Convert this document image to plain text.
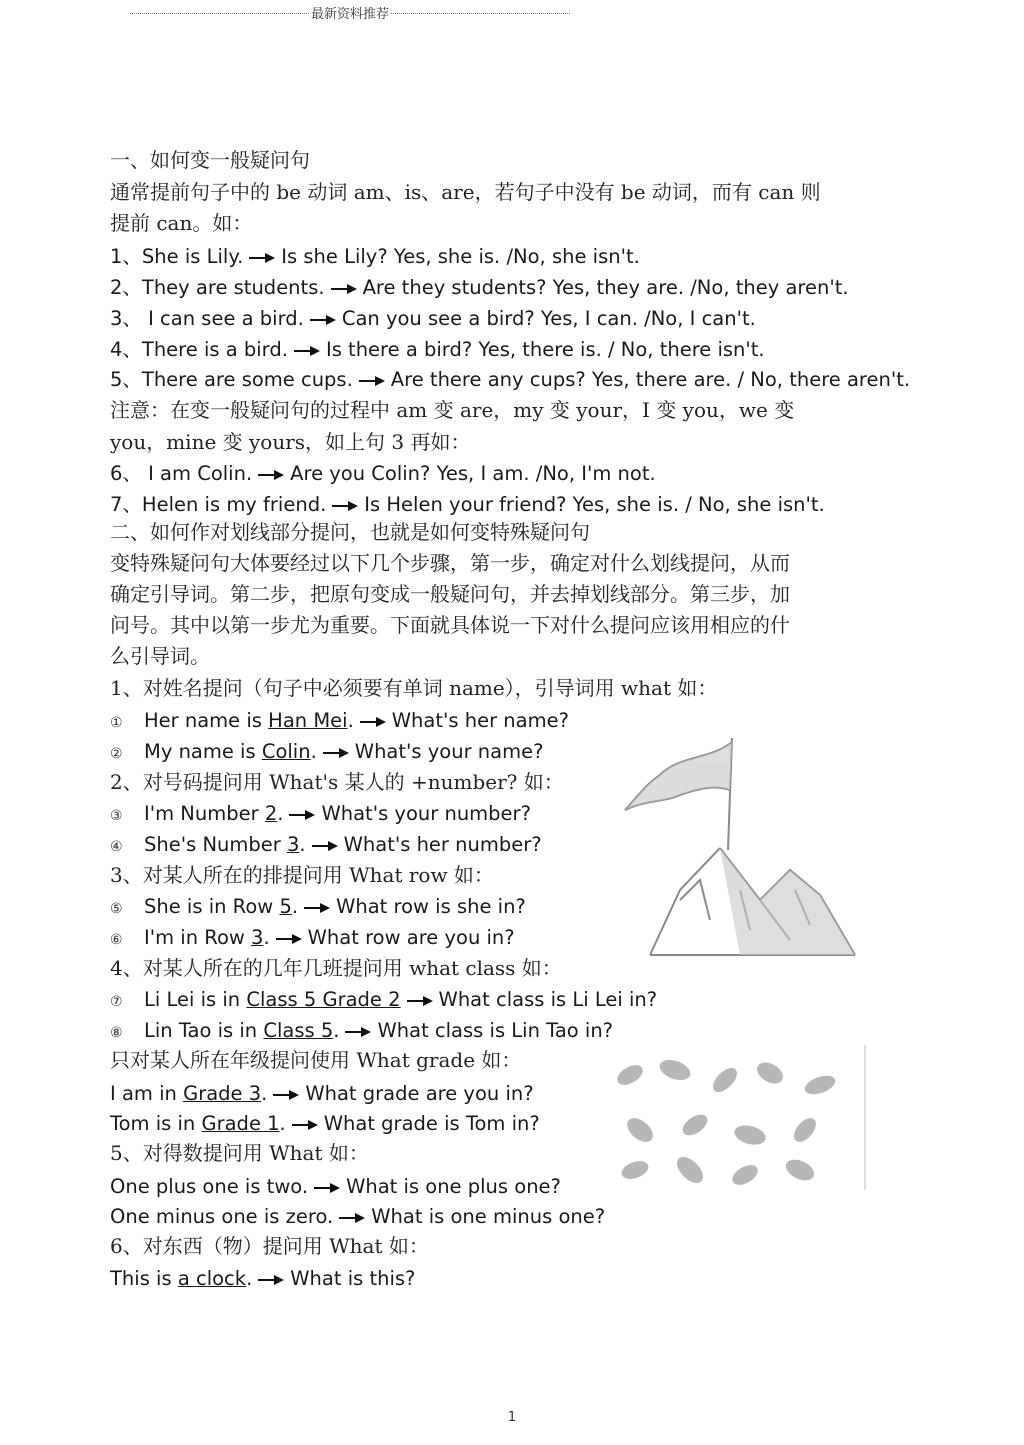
最新资料推荐
一、如何变一般疑问句
通常提前句子中的 be 动词 am、is、are，若句子中没有 be 动词，而有 can 则
提前 can。如：
1、She is Lily. Is she Lily? Yes, she is. /No, she isn't.
2、They are students. Are they students? Yes, they are. /No, they aren't.
3、 I can see a bird. Can you see a bird? Yes, I can. /No, I can't.
4、There is a bird. Is there a bird? Yes, there is. / No, there isn't.
5、There are some cups. Are there any cups? Yes, there are. / No, there aren't.
注意：在变一般疑问句的过程中 am 变 are，my 变 your，I 变 you，we 变
you，mine 变 yours，如上句 3 再如：
6、 I am Colin. Are you Colin? Yes, I am. /No, I'm not.
7、Helen is my friend. Is Helen your friend? Yes, she is. / No, she isn't.
二、如何作对划线部分提问，也就是如何变特殊疑问句
变特殊疑问句大体要经过以下几个步骤，第一步，确定对什么划线提问，从而
确定引导词。第二步，把原句变成一般疑问句，并去掉划线部分。第三步，加
问号。其中以第一步尤为重要。下面就具体说一下对什么提问应该用相应的什
么引导词。
1、对姓名提问（句子中必须要有单词 name），引导词用 what 如：
① Her name is Han Mei. What's her name?
② My name is Colin. What's your name?
2、对号码提问用 What's 某人的 +number? 如：
③ I'm Number 2. What's your number?
④ She's Number 3. What's her number?
3、对某人所在的排提问用 What row 如：
⑤ She is in Row 5. What row is she in?
⑥ I'm in Row 3. What row are you in?
4、对某人所在的几年几班提问用 what class 如：
⑦ Li Lei is in Class 5 Grade 2 What class is Li Lei in?
⑧ Lin Tao is in Class 5. What class is Lin Tao in?
只对某人所在年级提问使用 What grade 如：
I am in Grade 3. What grade are you in?
Tom is in Grade 1. What grade is Tom in?
5、对得数提问用 What 如：
One plus one is two. What is one plus one?
One minus one is zero. What is one minus one?
6、对东西（物）提问用 What 如：
This is a clock. What is this?
1
